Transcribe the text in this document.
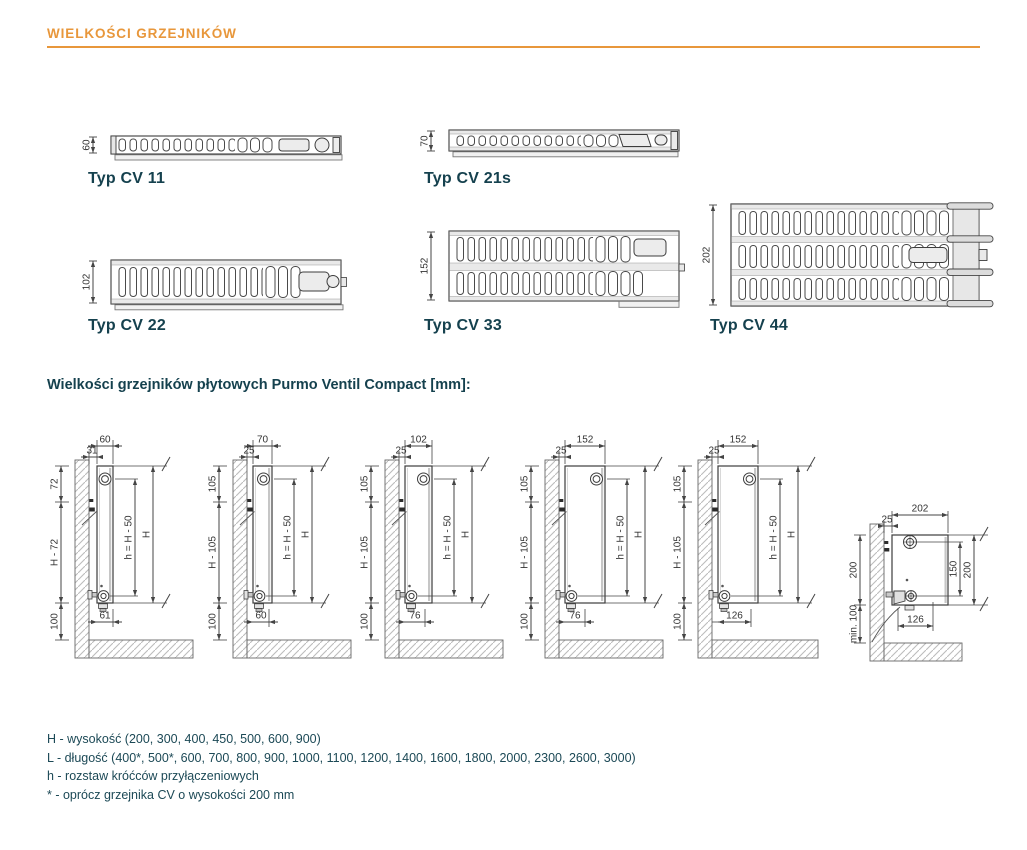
WIELKOŚCI GRZEJNIKÓW
60
Typ CV 11
70
Typ CV 21s
102
Typ CV 22
152
Typ CV 33
202
Typ CV 44
Wielkości grzejników płytowych Purmo Ventil Compact [mm]:
60
31
72
H - 72
100
h = H - 50 H
61
70
25
105
H - 105
100
h = H - 50 H
60
102
25
105
H - 105
100
h = H - 50 H
76
152
25
105
H - 105
100
h = H - 50 H
76
152
25
105
H - 105
100
h = H - 50 H
126
202
25
150 200
200
min. 100	126
H - wysokość (200, 300, 400, 450, 500, 600, 900)
L - długość (400*, 500*, 600, 700, 800, 900, 1000, 1100, 1200, 1400, 1600, 1800, 2000, 2300, 2600, 3000)
h - rozstaw króćców przyłączeniowych
* - oprócz grzejnika CV o wysokości 200 mm
